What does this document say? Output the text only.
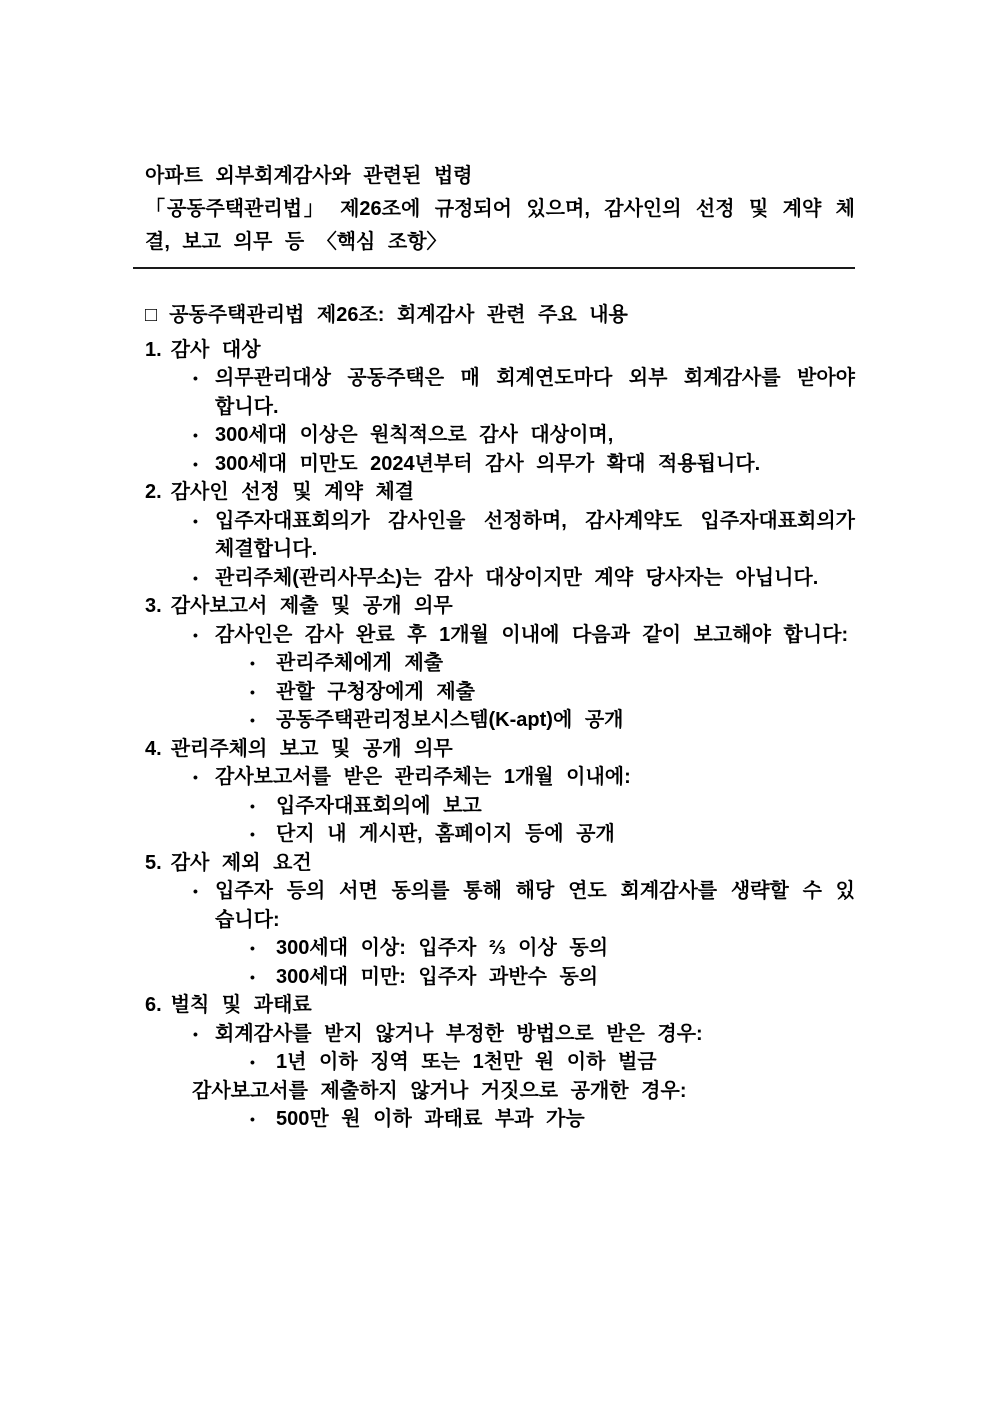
아파트 외부회계감사와 관련된 법령

「공동주택관리법」 제26조에 규정되어 있으며, 감사인의 선정 및 계약 체결, 보고 의무 등 〈핵심 조항〉

□ 공동주택관리법 제26조: 회계감사 관련 주요 내용

1. 감사 대상

• 의무관리대상 공동주택은 매 회계연도마다 외부 회계감사를 받아야 합니다.

• 300세대 이상은 원칙적으로 감사 대상이며,

• 300세대 미만도 2024년부터 감사 의무가 확대 적용됩니다.

2. 감사인 선정 및 계약 체결

• 입주자대표회의가 감사인을 선정하며, 감사계약도 입주자대표회의가 체결합니다.

• 관리주체(관리사무소)는 감사 대상이지만 계약 당사자는 아닙니다.

3. 감사보고서 제출 및 공개 의무

• 감사인은 감사 완료 후 1개월 이내에 다음과 같이 보고해야 합니다:

• 관리주체에게 제출

• 관할 구청장에게 제출

• 공동주택관리정보시스템(K-apt)에 공개

4. 관리주체의 보고 및 공개 의무

• 감사보고서를 받은 관리주체는 1개월 이내에:

• 입주자대표회의에 보고

• 단지 내 게시판, 홈페이지 등에 공개

5. 감사 제외 요건

• 입주자 등의 서면 동의를 통해 해당 연도 회계감사를 생략할 수 있습니다:

• 300세대 이상: 입주자 ⅔ 이상 동의

• 300세대 미만: 입주자 과반수 동의

6. 벌칙 및 과태료

• 회계감사를 받지 않거나 부정한 방법으로 받은 경우:

• 1년 이하 징역 또는 1천만 원 이하 벌금

감사보고서를 제출하지 않거나 거짓으로 공개한 경우:

• 500만 원 이하 과태료 부과 가능
